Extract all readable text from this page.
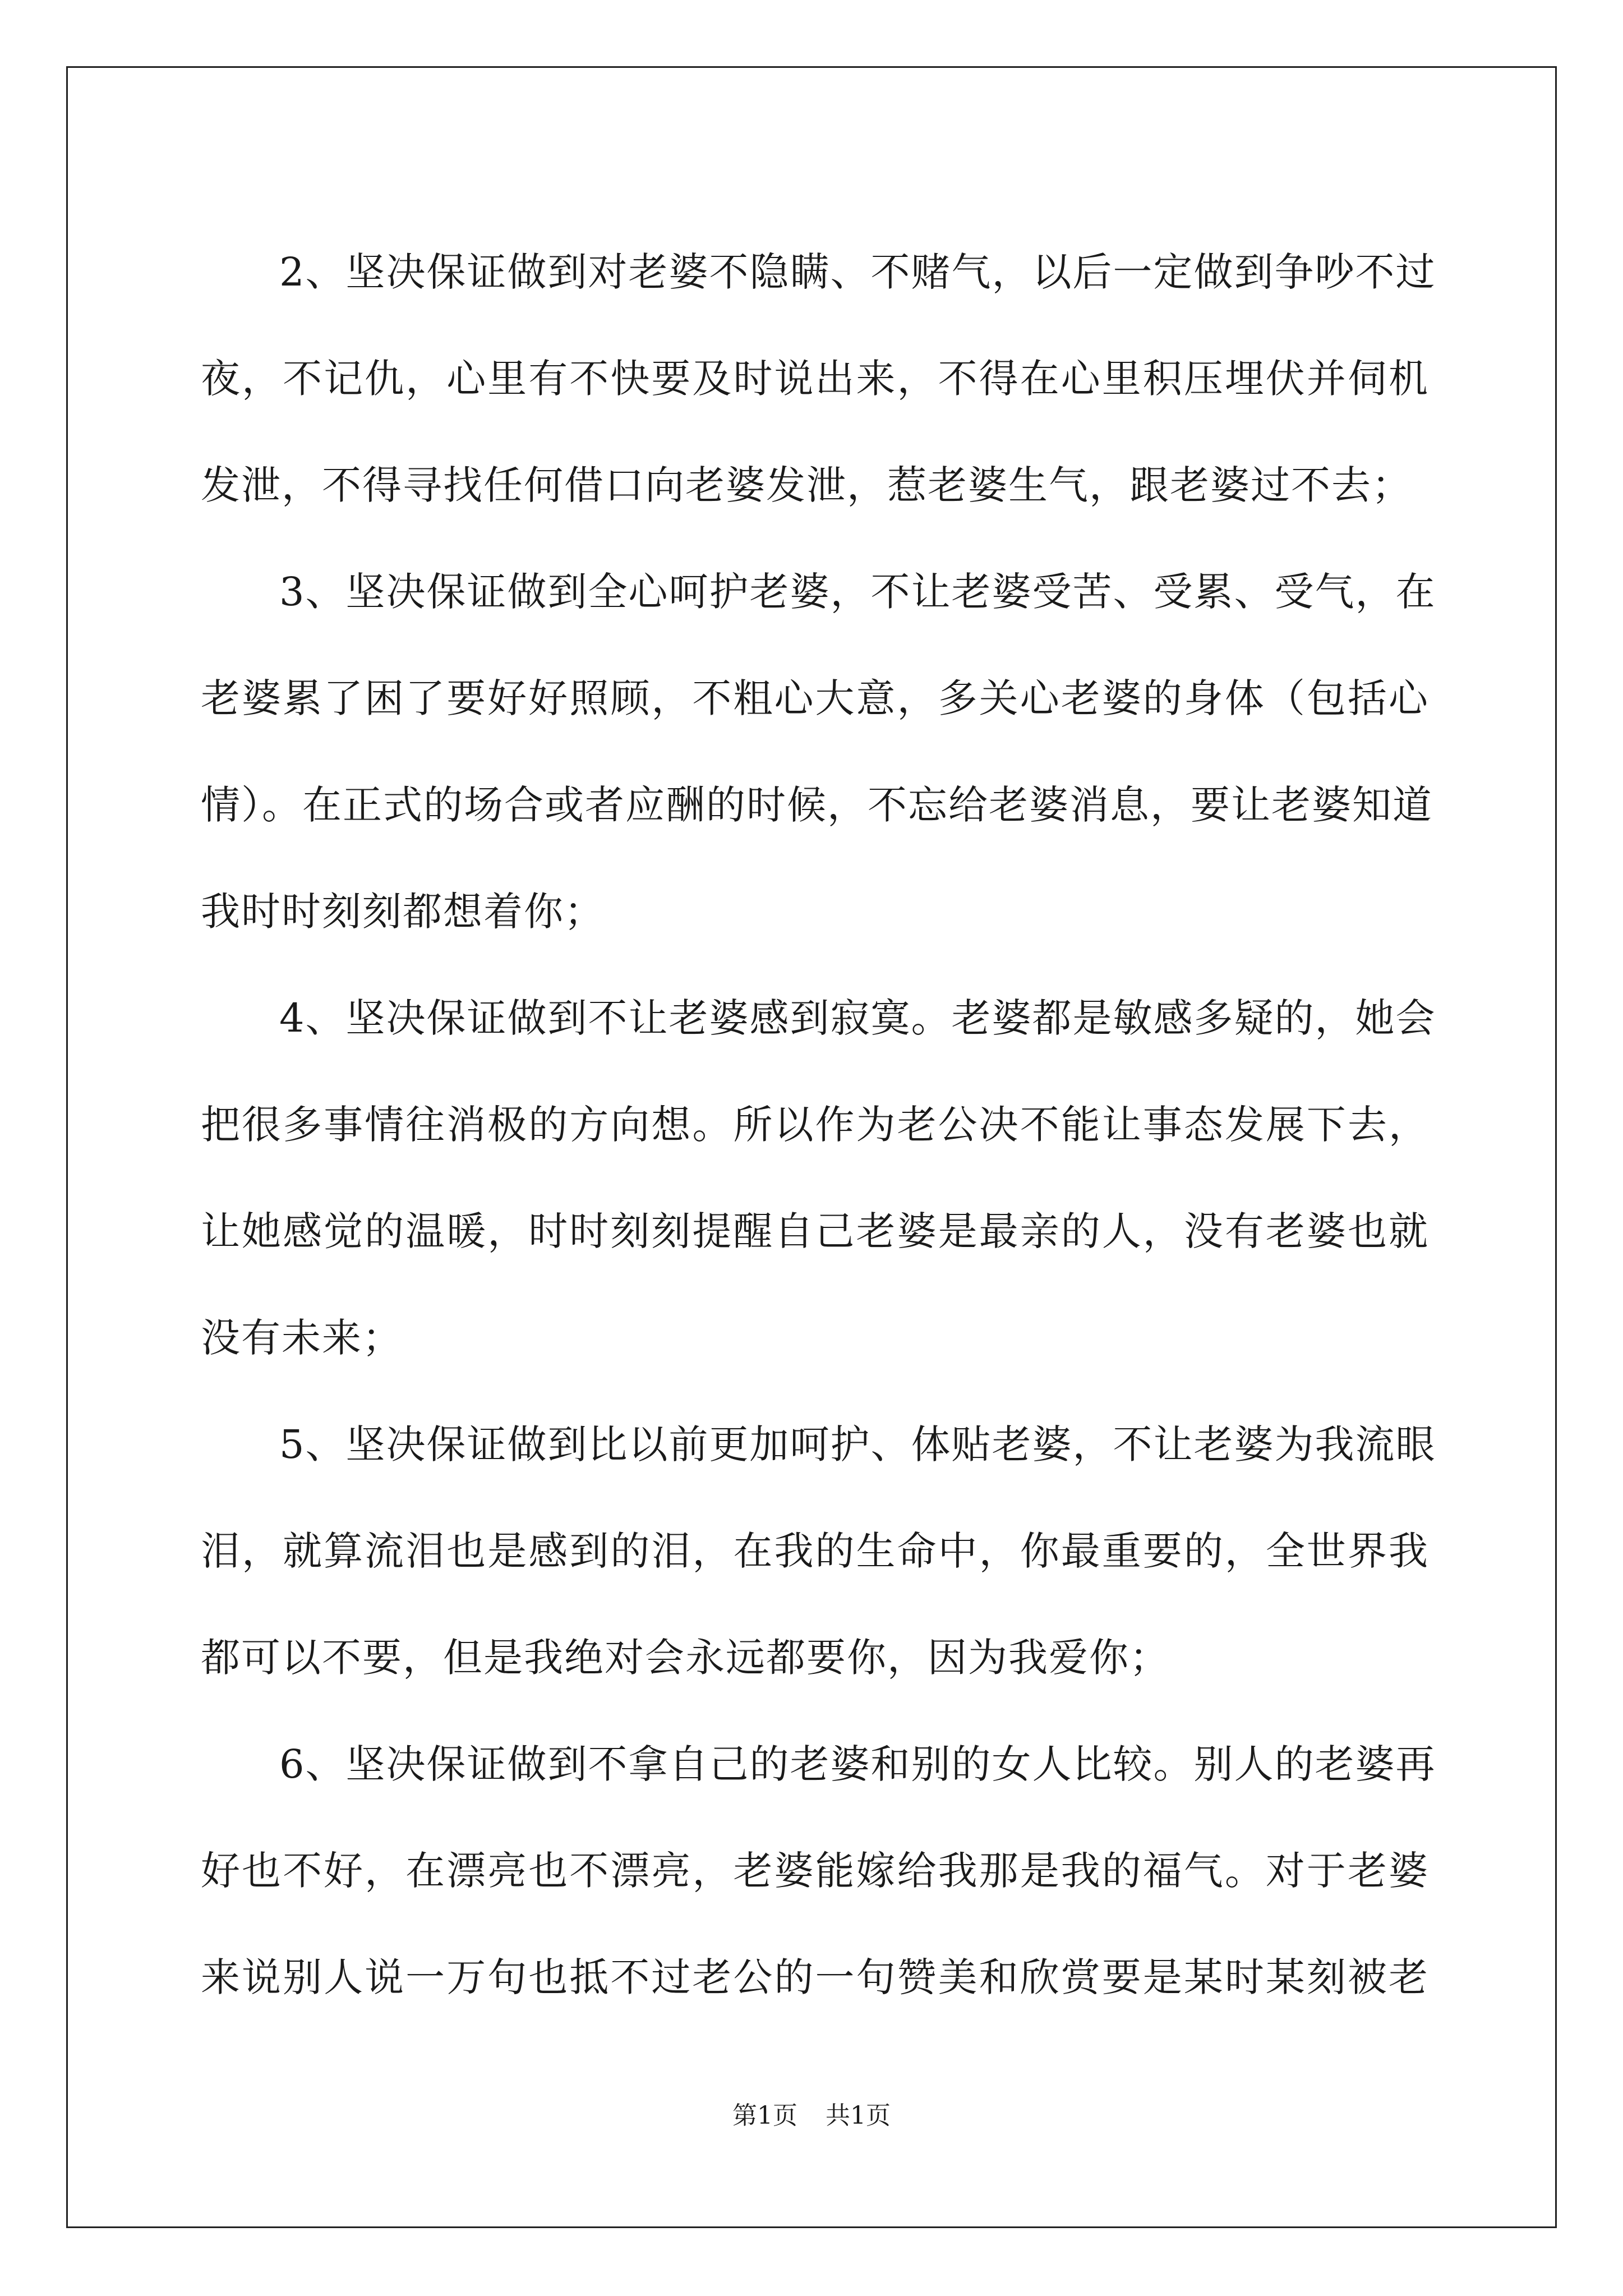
2、坚决保证做到对老婆不隐瞒、不赌气，以后一定做到争吵不过
夜，不记仇，心里有不快要及时说出来，不得在心里积压埋伏并伺机
发泄，不得寻找任何借口向老婆发泄，惹老婆生气，跟老婆过不去；
3、坚决保证做到全心呵护老婆，不让老婆受苦、受累、受气，在
老婆累了困了要好好照顾，不粗心大意，多关心老婆的身体（包括心
情）。在正式的场合或者应酬的时候，不忘给老婆消息，要让老婆知道
我时时刻刻都想着你；
4、坚决保证做到不让老婆感到寂寞。老婆都是敏感多疑的，她会
把很多事情往消极的方向想。所以作为老公决不能让事态发展下去，
让她感觉的温暖，时时刻刻提醒自己老婆是最亲的人，没有老婆也就
没有未来；
5、坚决保证做到比以前更加呵护、体贴老婆，不让老婆为我流眼
泪，就算流泪也是感到的泪，在我的生命中，你最重要的，全世界我
都可以不要，但是我绝对会永远都要你，因为我爱你；
6、坚决保证做到不拿自己的老婆和别的女人比较。别人的老婆再
好也不好，在漂亮也不漂亮，老婆能嫁给我那是我的福气。对于老婆
来说别人说一万句也抵不过老公的一句赞美和欣赏要是某时某刻被老
第1页 共1页
